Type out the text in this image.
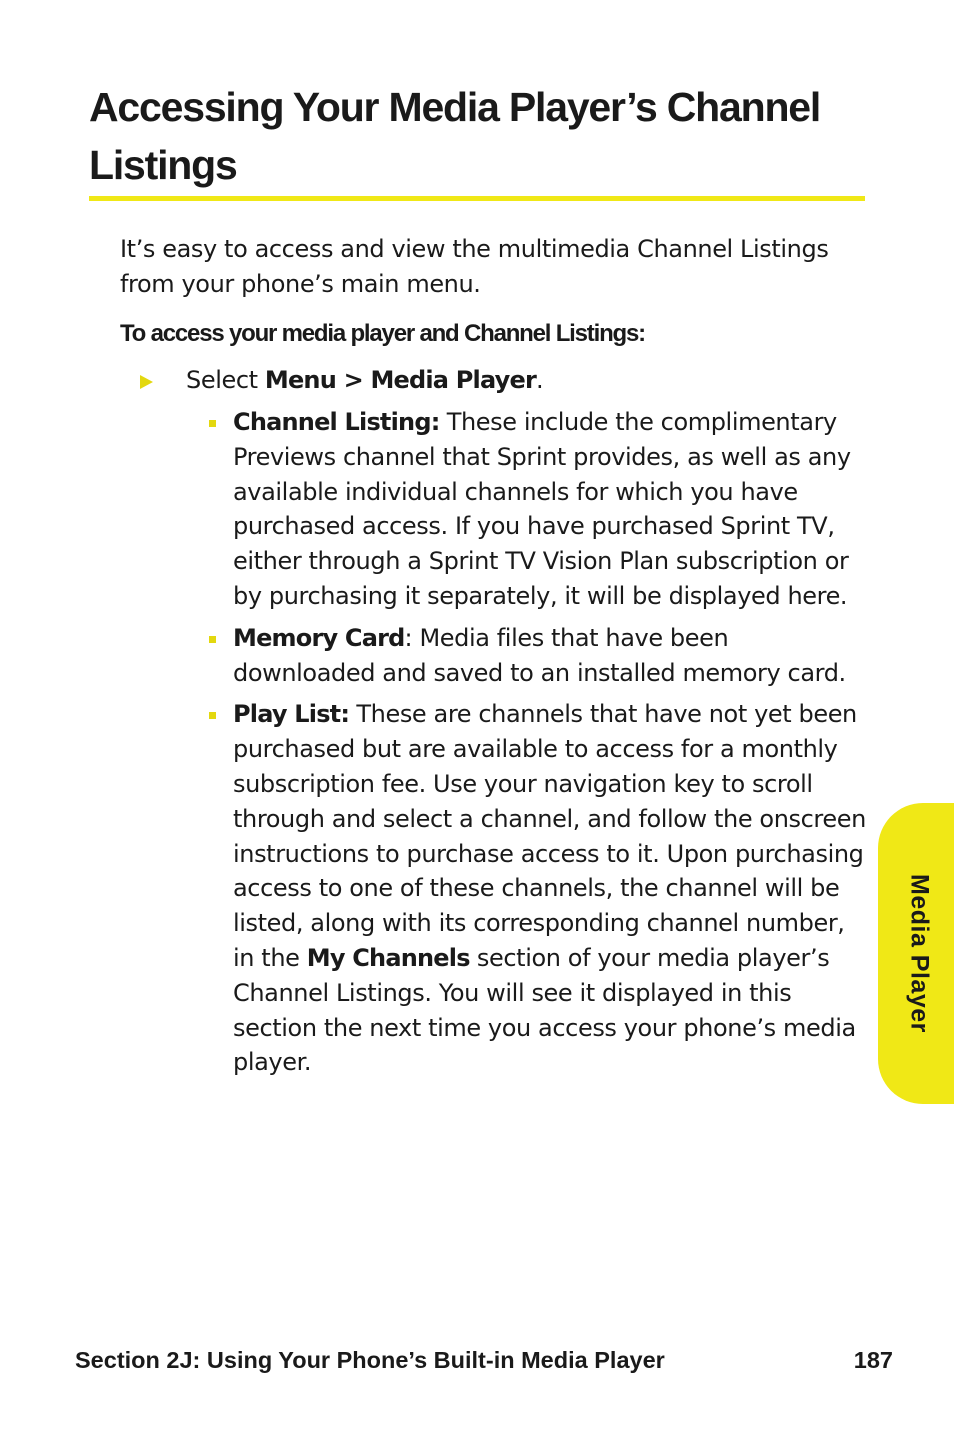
Accessing Your Media Player’s Channel Listings

It’s easy to access and view the multimedia Channel Listings from your phone’s main menu.

To access your media player and Channel Listings:

Select Menu > Media Player.
Channel Listing: These include the complimentary Previews channel that Sprint provides, as well as any available individual channels for which you have purchased access. If you have purchased Sprint TV, either through a Sprint TV Vision Plan subscription or by purchasing it separately, it will be displayed here.
Memory Card: Media files that have been downloaded and saved to an installed memory card.
Play List: These are channels that have not yet been purchased but are available to access for a monthly subscription fee. Use your navigation key to scroll through and select a channel, and follow the onscreen instructions to purchase access to it. Upon purchasing access to one of these channels, the channel will be listed, along with its corresponding channel number, in the My Channels section of your media player’s Channel Listings. You will see it displayed in this section the next time you access your phone’s media player.
Media Player
Section 2J: Using Your Phone’s Built-in Media Player	187
